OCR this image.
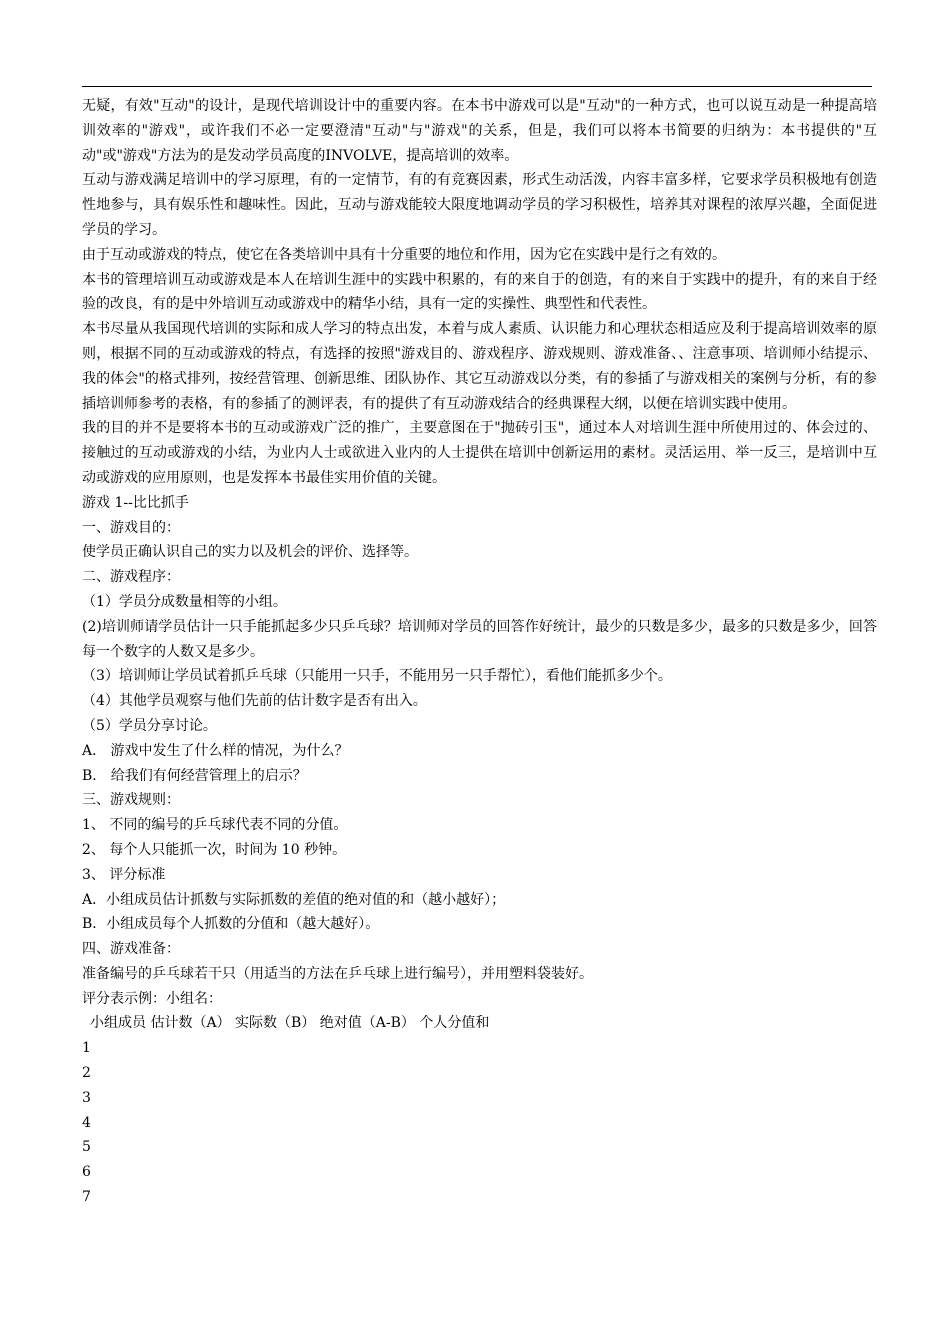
无疑，有效"互动"的设计，是现代培训设计中的重要内容。在本书中游戏可以是"互动"的一种方式，也可以说互动是一种提高培训效率的"游戏"，或许我们不必一定要澄清"互动"与"游戏"的关系，但是，我们可以将本书简要的归纳为：本书提供的"互动"或"游戏"方法为的是发动学员高度的INVOLVE，提高培训的效率。

互动与游戏满足培训中的学习原理，有的一定情节，有的有竞赛因素，形式生动活泼，内容丰富多样，它要求学员积极地有创造性地参与，具有娱乐性和趣味性。因此，互动与游戏能较大限度地调动学员的学习积极性，培养其对课程的浓厚兴趣，全面促进学员的学习。

由于互动或游戏的特点，使它在各类培训中具有十分重要的地位和作用，因为它在实践中是行之有效的。

本书的管理培训互动或游戏是本人在培训生涯中的实践中积累的，有的来自于的创造，有的来自于实践中的提升，有的来自于经验的改良，有的是中外培训互动或游戏中的精华小结，具有一定的实操性、典型性和代表性。

本书尽量从我国现代培训的实际和成人学习的特点出发，本着与成人素质、认识能力和心理状态相适应及利于提高培训效率的原则，根据不同的互动或游戏的特点，有选择的按照"游戏目的、游戏程序、游戏规则、游戏准备、、注意事项、培训师小结提示、我的体会"的格式排列，按经营管理、创新思维、团队协作、其它互动游戏以分类，有的参插了与游戏相关的案例与分析，有的参插培训师参考的表格，有的参插了的测评表，有的提供了有互动游戏结合的经典课程大纲，以便在培训实践中使用。

我的目的并不是要将本书的互动或游戏广泛的推广，主要意图在于"抛砖引玉"，通过本人对培训生涯中所使用过的、体会过的、接触过的互动或游戏的小结，为业内人士或欲进入业内的人士提供在培训中创新运用的素材。灵活运用、举一反三，是培训中互动或游戏的应用原则，也是发挥本书最佳实用价值的关键。

游戏 1--比比抓手

一、游戏目的：

使学员正确认识自己的实力以及机会的评价、选择等。

二、游戏程序：

（1）学员分成数量相等的小组。

(2)培训师请学员估计一只手能抓起多少只乒乓球？培训师对学员的回答作好统计，最少的只数是多少，最多的只数是多少，回答每一个数字的人数又是多少。

（3）培训师让学员试着抓乒乓球（只能用一只手，不能用另一只手帮忙），看他们能抓多少个。

（4）其他学员观察与他们先前的估计数字是否有出入。

（5）学员分享讨论。

A． 游戏中发生了什么样的情况，为什么？

B． 给我们有何经营管理上的启示？

三、游戏规则：

1、 不同的编号的乒乓球代表不同的分值。

2、 每个人只能抓一次，时间为 10 秒钟。

3、 评分标准

A．小组成员估计抓数与实际抓数的差值的绝对值的和（越小越好）；

B．小组成员每个人抓数的分值和（越大越好）。

四、游戏准备：

准备编号的乒乓球若干只（用适当的方法在乒乓球上进行编号），并用塑料袋装好。

评分表示例：小组名：

小组成员 估计数（A） 实际数（B） 绝对值（A-B） 个人分值和

1

2

3

4

5

6

7
